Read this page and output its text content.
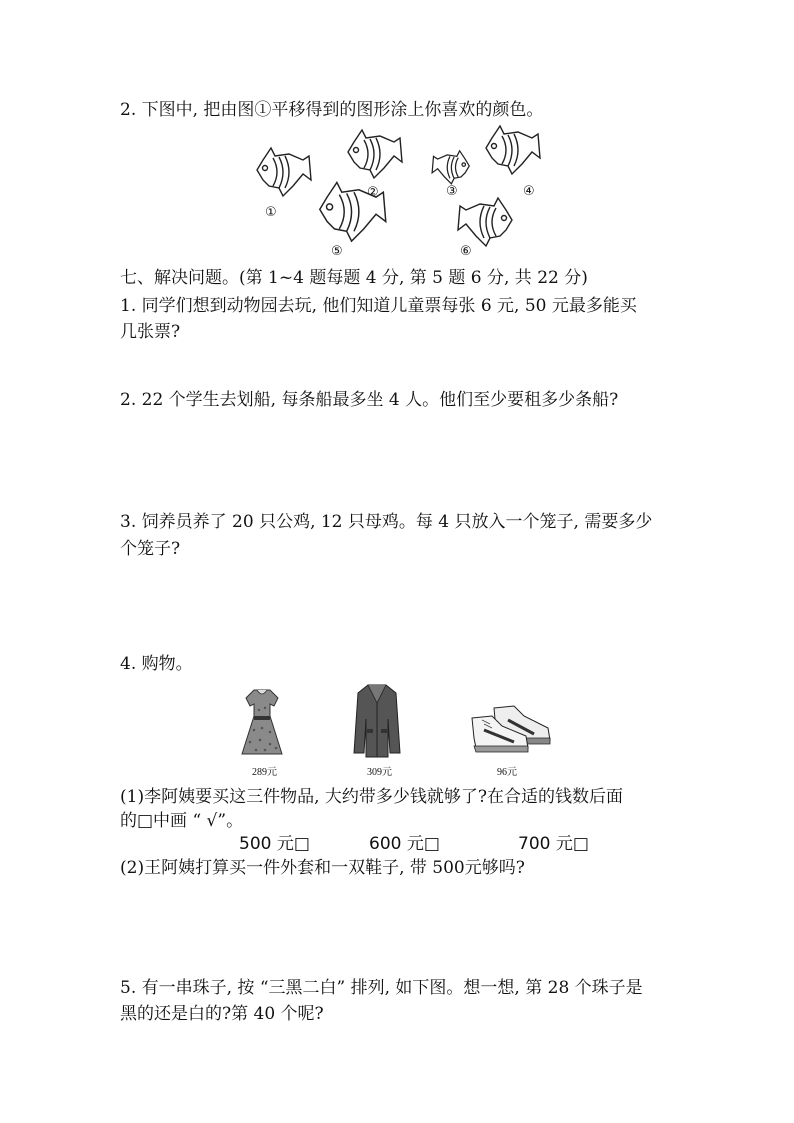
2. 下图中, 把由图①平移得到的图形涂上你喜欢的颜色。
①
②	③	④
⑤	⑥
七、解决问题。(第 1~4 题每题 4 分, 第 5 题 6 分, 共 22 分)
1. 同学们想到动物园去玩, 他们知道儿童票每张 6 元, 50 元最多能买
几张票?
2. 22 个学生去划船, 每条船最多坐 4 人。他们至少要租多少条船?
3. 饲养员养了 20 只公鸡, 12 只母鸡。每 4 只放入一个笼子, 需要多少
个笼子?
4. 购物。
289元	309元	96元
(1)李阿姨要买这三件物品, 大约带多少钱就够了?在合适的钱数后面
的□中画 “ √”。
500 元□	600 元□	700 元□
(2)王阿姨打算买一件外套和一双鞋子, 带 500元够吗?
5. 有一串珠子, 按 “三黑二白” 排列, 如下图。想一想, 第 28 个珠子是
黑的还是白的?第 40 个呢?
